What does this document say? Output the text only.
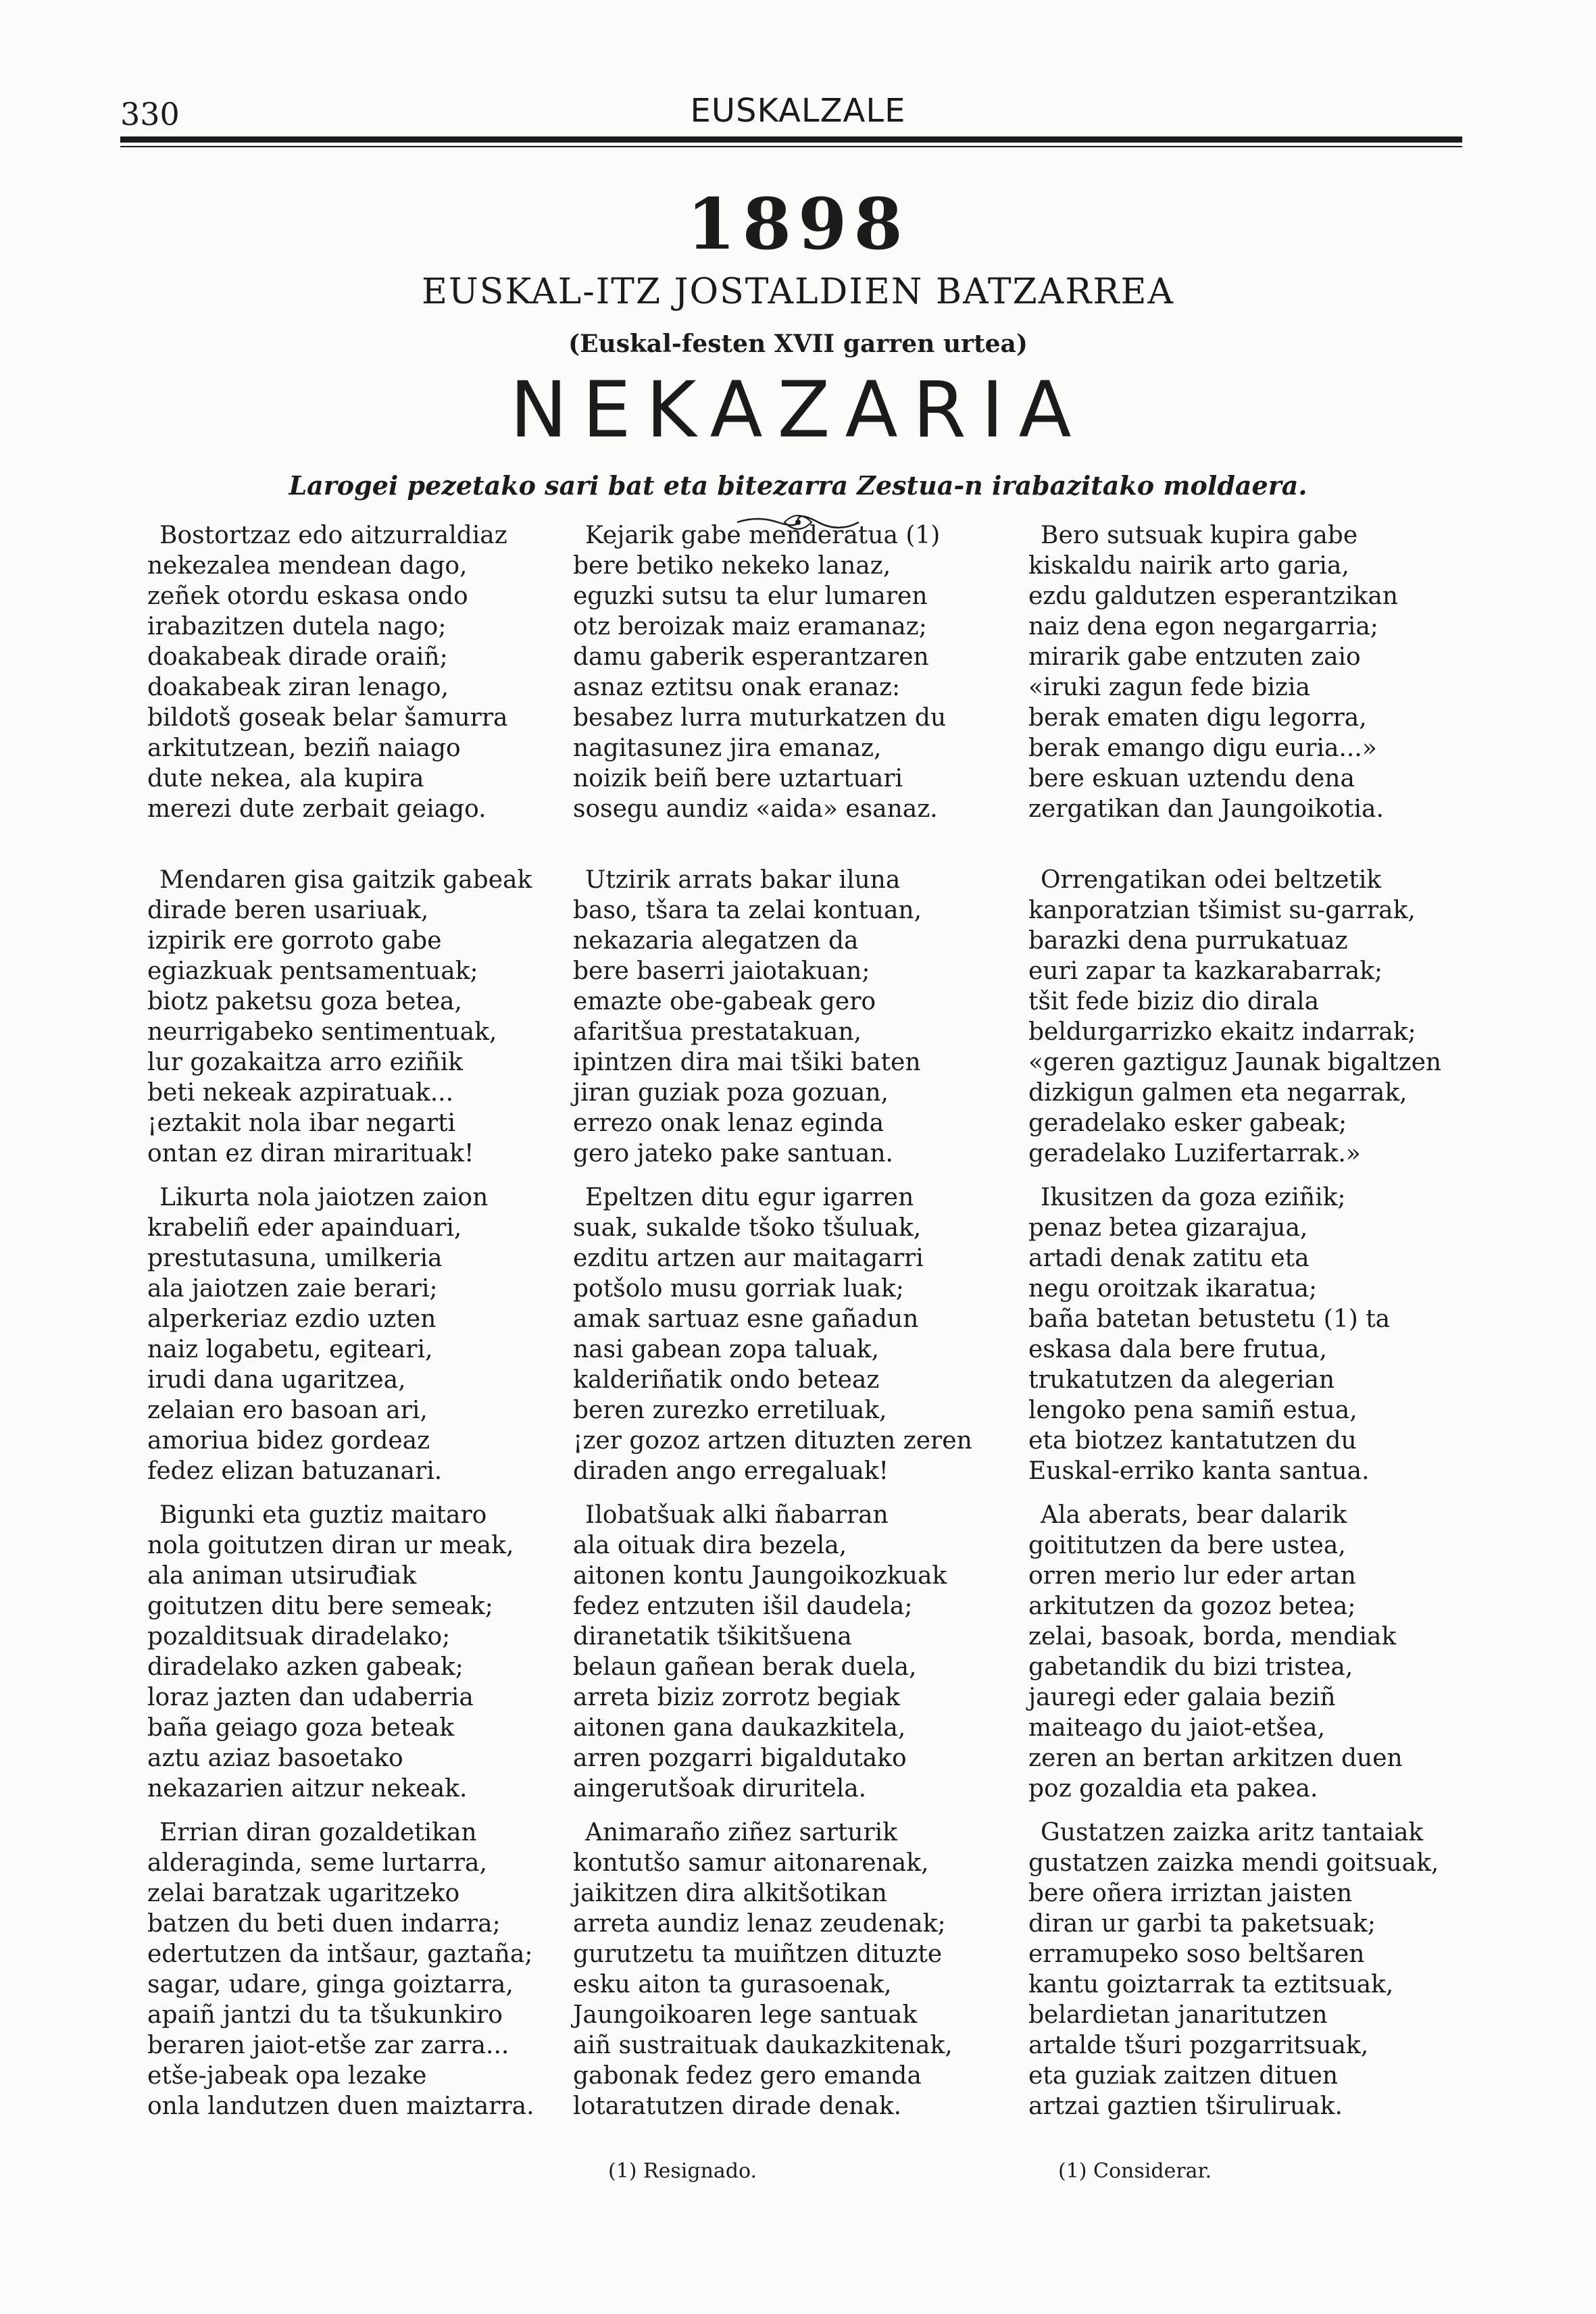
330	EUSKALZALE
1898
EUSKAL-ITZ JOSTALDIEN BATZARREA
(Euskal-festen XVII garren urtea)
NEKAZARIA
Larogei pezetako sari bat eta bitezarra Zestua-n irabazitako moldaera.
Bostortzaz edo aitzurraldiaz
nekezalea mendean dago,
zeñek otordu eskasa ondo
irabazitzen dutela nago;
doakabeak dirade oraiñ;
doakabeak ziran lenago,
bildotš goseak belar šamurra
arkitutzean, beziñ naiago
dute nekea, ala kupira
merezi dute zerbait geiago.
Mendaren gisa gaitzik gabeak
dirade beren usariuak,
izpirik ere gorroto gabe
egiazkuak pentsamentuak;
biotz paketsu goza betea,
neurrigabeko sentimentuak,
lur gozakaitza arro eziñik
beti nekeak azpiratuak...
¡eztakit nola ibar negarti
ontan ez diran mirarituak!
Likurta nola jaiotzen zaion
krabeliñ eder apainduari,
prestutasuna, umilkeria
ala jaiotzen zaie berari;
alperkeriaz ezdio uzten
naiz logabetu, egiteari,
irudi dana ugaritzea,
zelaian ero basoan ari,
amoriua bidez gordeaz
fedez elizan batuzanari.
Bigunki eta guztiz maitaro
nola goitutzen diran ur meak,
ala animan utsiruđiak
goitutzen ditu bere semeak;
pozalditsuak diradelako;
diradelako azken gabeak;
loraz jazten dan udaberria
baña geiago goza beteak
aztu aziaz basoetako
nekazarien aitzur nekeak.
Errian diran gozaldetikan
alderaginda, seme lurtarra,
zelai baratzak ugaritzeko
batzen du beti duen indarra;
edertutzen da intšaur, gaztaña;
sagar, udare, ginga goiztarra,
apaiñ jantzi du ta tšukunkiro
beraren jaiot-etše zar zarra...
etše-jabeak opa lezake
onla landutzen duen maiztarra.
Kejarik gabe menderatua (1)
bere betiko nekeko lanaz,
eguzki sutsu ta elur lumaren
otz beroizak maiz eramanaz;
damu gaberik esperantzaren
asnaz eztitsu onak eranaz:
besabez lurra muturkatzen du
nagitasunez jira emanaz,
noizik beiñ bere uztartuari
sosegu aundiz «aida» esanaz.
Utzirik arrats bakar iluna
baso, tšara ta zelai kontuan,
nekazaria alegatzen da
bere baserri jaiotakuan;
emazte obe-gabeak gero
afaritšua prestatakuan,
ipintzen dira mai tšiki baten
jiran guziak poza gozuan,
errezo onak lenaz eginda
gero jateko pake santuan.
Epeltzen ditu egur igarren
suak, sukalde tšoko tšuluak,
ezditu artzen aur maitagarri
potšolo musu gorriak luak;
amak sartuaz esne gañadun
nasi gabean zopa taluak,
kalderiñatik ondo beteaz
beren zurezko erretiluak,
¡zer gozoz artzen dituzten zeren
diraden ango erregaluak!
Ilobatšuak alki ñabarran
ala oituak dira bezela,
aitonen kontu Jaungoikozkuak
fedez entzuten išil daudela;
diranetatik tšikitšuena
belaun gañean berak duela,
arreta biziz zorrotz begiak
aitonen gana daukazkitela,
arren pozgarri bigaldutako
aingerutšoak diruritela.
Animaraño ziñez sarturik
kontutšo samur aitonarenak,
jaikitzen dira alkitšotikan
arreta aundiz lenaz zeudenak;
gurutzetu ta muiñtzen dituzte
esku aiton ta gurasoenak,
Jaungoikoaren lege santuak
aiñ sustraituak daukazkitenak,
gabonak fedez gero emanda
lotaratutzen dirade denak.
Bero sutsuak kupira gabe
kiskaldu nairik arto garia,
ezdu galdutzen esperantzikan
naiz dena egon negargarria;
mirarik gabe entzuten zaio
«iruki zagun fede bizia
berak ematen digu legorra,
berak emango digu euria...»
bere eskuan uztendu dena
zergatikan dan Jaungoikotia.
Orrengatikan odei beltzetik
kanporatzian tšimist su-garrak,
barazki dena purrukatuaz
euri zapar ta kazkarabarrak;
tšit fede biziz dio dirala
beldurgarrizko ekaitz indarrak;
«geren gaztiguz Jaunak bigaltzen
dizkigun galmen eta negarrak,
geradelako esker gabeak;
geradelako Luzifertarrak.»
Ikusitzen da goza eziñik;
penaz betea gizarajua,
artadi denak zatitu eta
negu oroitzak ikaratua;
baña batetan betustetu (1) ta
eskasa dala bere frutua,
trukatutzen da alegerian
lengoko pena samiñ estua,
eta biotzez kantatutzen du
Euskal-erriko kanta santua.
Ala aberats, bear dalarik
goititutzen da bere ustea,
orren merio lur eder artan
arkitutzen da gozoz betea;
zelai, basoak, borda, mendiak
gabetandik du bizi tristea,
jauregi eder galaia beziñ
maiteago du jaiot-etšea,
zeren an bertan arkitzen duen
poz gozaldia eta pakea.
Gustatzen zaizka aritz tantaiak
gustatzen zaizka mendi goitsuak,
bere oñera irriztan jaisten
diran ur garbi ta paketsuak;
erramupeko soso beltšaren
kantu goiztarrak ta eztitsuak,
belardietan janaritutzen
artalde tšuri pozgarritsuak,
eta guziak zaitzen dituen
artzai gaztien tširuliruak.
(1) Resignado.	(1) Considerar.
